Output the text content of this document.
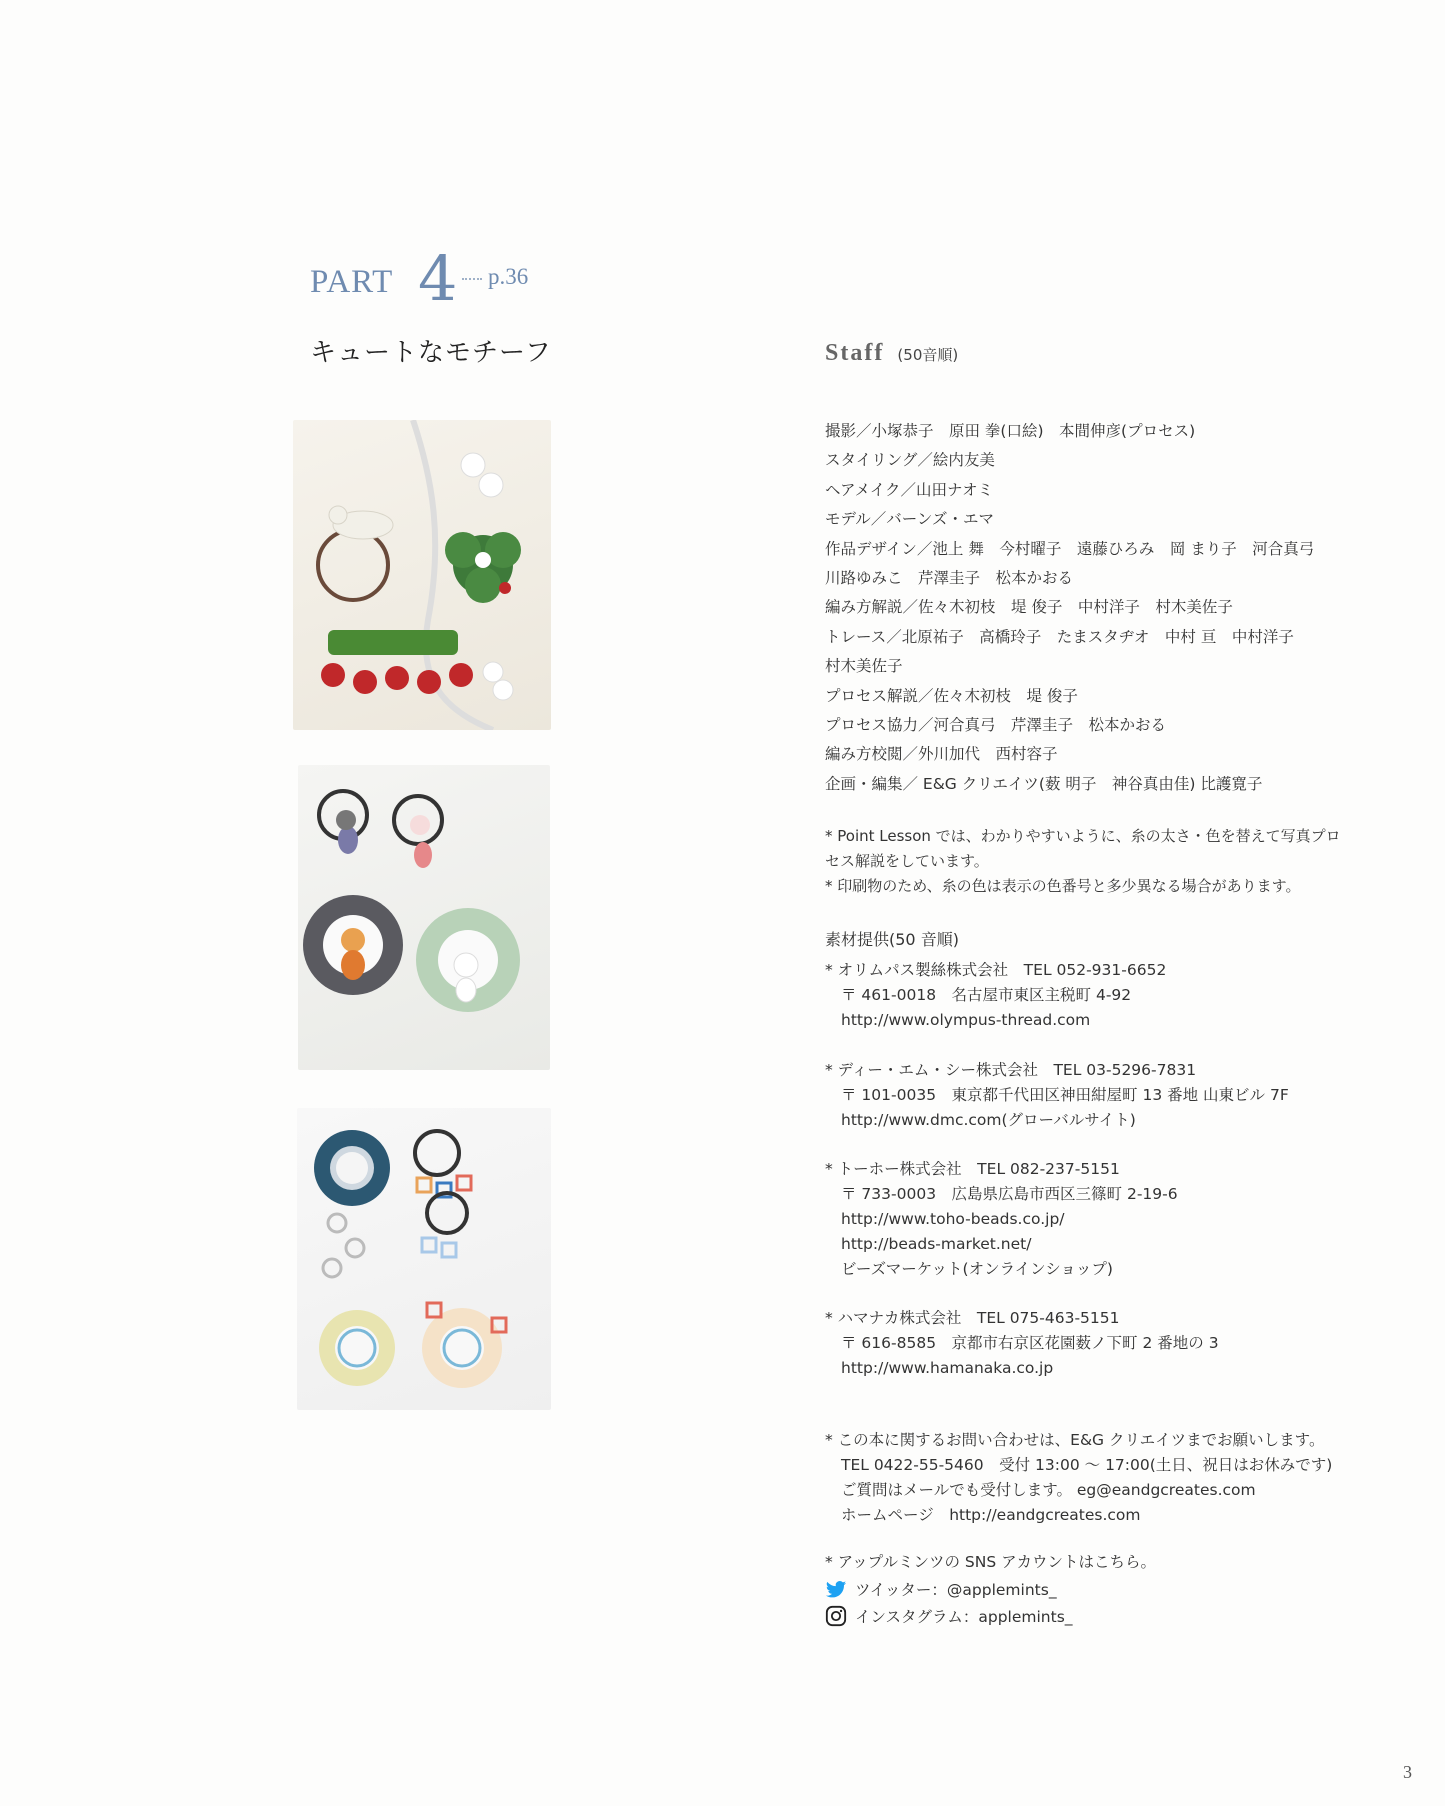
PART 4 p.36
キュートなモチーフ	Staff (50音順)
撮影／小塚恭子　原田 拳(口絵)　本間伸彦(プロセス)
スタイリング／絵内友美
ヘアメイク／山田ナオミ
モデル／バーンズ・エマ
作品デザイン／池上 舞　今村曜子　遠藤ひろみ　岡 まり子　河合真弓
川路ゆみこ　芹澤圭子　松本かおる
編み方解説／佐々木初枝　堤 俊子　中村洋子　村木美佐子
トレース／北原祐子　高橋玲子　たまスタヂオ　中村 亘　中村洋子
村木美佐子
プロセス解説／佐々木初枝　堤 俊子
プロセス協力／河合真弓　芹澤圭子　松本かおる
編み方校閲／外川加代　西村容子
企画・編集／ E&G クリエイツ(薮 明子　神谷真由佳) 比護寛子
* Point Lesson では、わかりやすいように、糸の太さ・色を替えて写真プロ
セス解説をしています。
* 印刷物のため、糸の色は表示の色番号と多少異なる場合があります。
素材提供(50 音順)
* オリムパス製絲株式会社　TEL 052-931-6652
〒 461-0018　名古屋市東区主税町 4-92
http://www.olympus-thread.com
* ディー・エム・シー株式会社　TEL 03-5296-7831
〒 101-0035　東京都千代田区神田紺屋町 13 番地 山東ビル 7F
http://www.dmc.com(グローバルサイト)
* トーホー株式会社　TEL 082-237-5151
〒 733-0003　広島県広島市西区三篠町 2-19-6
http://www.toho-beads.co.jp/
http://beads-market.net/
ビーズマーケット(オンラインショップ)
* ハマナカ株式会社　TEL 075-463-5151
〒 616-8585　京都市右京区花園薮ノ下町 2 番地の 3
http://www.hamanaka.co.jp
* この本に関するお問い合わせは、E&G クリエイツまでお願いします。
TEL 0422-55-5460　受付 13:00 ～ 17:00(土日、祝日はお休みです)
ご質問はメールでも受付します。 eg@eandgcreates.com
ホームページ　http://eandgcreates.com
* アップルミンツの SNS アカウントはこちら。
ツイッター：@applemints_
インスタグラム：applemints_
3
